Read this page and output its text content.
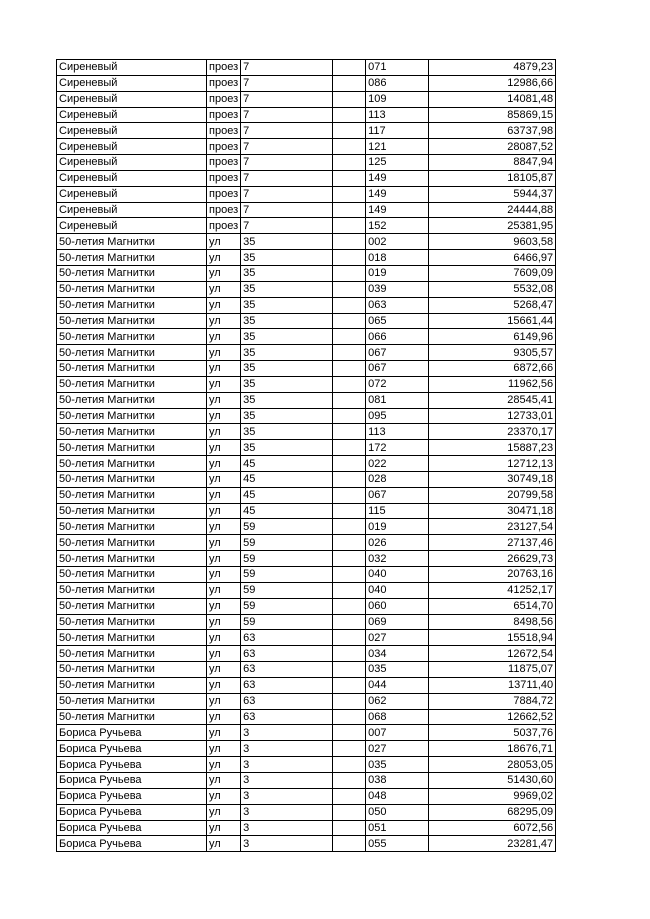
Сиреневый	проез	7		071	4879,23
Сиреневый	проез	7		086	12986,66
Сиреневый	проез	7		109	14081,48
Сиреневый	проез	7		113	85869,15
Сиреневый	проез	7		117	63737,98
Сиреневый	проез	7		121	28087,52
Сиреневый	проез	7		125	8847,94
Сиреневый	проез	7		149	18105,87
Сиреневый	проез	7		149	5944,37
Сиреневый	проез	7		149	24444,88
Сиреневый	проез	7		152	25381,95
50-летия Магнитки	ул	35		002	9603,58
50-летия Магнитки	ул	35		018	6466,97
50-летия Магнитки	ул	35		019	7609,09
50-летия Магнитки	ул	35		039	5532,08
50-летия Магнитки	ул	35		063	5268,47
50-летия Магнитки	ул	35		065	15661,44
50-летия Магнитки	ул	35		066	6149,96
50-летия Магнитки	ул	35		067	9305,57
50-летия Магнитки	ул	35		067	6872,66
50-летия Магнитки	ул	35		072	11962,56
50-летия Магнитки	ул	35		081	28545,41
50-летия Магнитки	ул	35		095	12733,01
50-летия Магнитки	ул	35		113	23370,17
50-летия Магнитки	ул	35		172	15887,23
50-летия Магнитки	ул	45		022	12712,13
50-летия Магнитки	ул	45		028	30749,18
50-летия Магнитки	ул	45		067	20799,58
50-летия Магнитки	ул	45		115	30471,18
50-летия Магнитки	ул	59		019	23127,54
50-летия Магнитки	ул	59		026	27137,46
50-летия Магнитки	ул	59		032	26629,73
50-летия Магнитки	ул	59		040	20763,16
50-летия Магнитки	ул	59		040	41252,17
50-летия Магнитки	ул	59		060	6514,70
50-летия Магнитки	ул	59		069	8498,56
50-летия Магнитки	ул	63		027	15518,94
50-летия Магнитки	ул	63		034	12672,54
50-летия Магнитки	ул	63		035	11875,07
50-летия Магнитки	ул	63		044	13711,40
50-летия Магнитки	ул	63		062	7884,72
50-летия Магнитки	ул	63		068	12662,52
Бориса Ручьева	ул	3		007	5037,76
Бориса Ручьева	ул	3		027	18676,71
Бориса Ручьева	ул	3		035	28053,05
Бориса Ручьева	ул	3		038	51430,60
Бориса Ручьева	ул	3		048	9969,02
Бориса Ручьева	ул	3		050	68295,09
Бориса Ручьева	ул	3		051	6072,56
Бориса Ручьева	ул	3		055	23281,47
